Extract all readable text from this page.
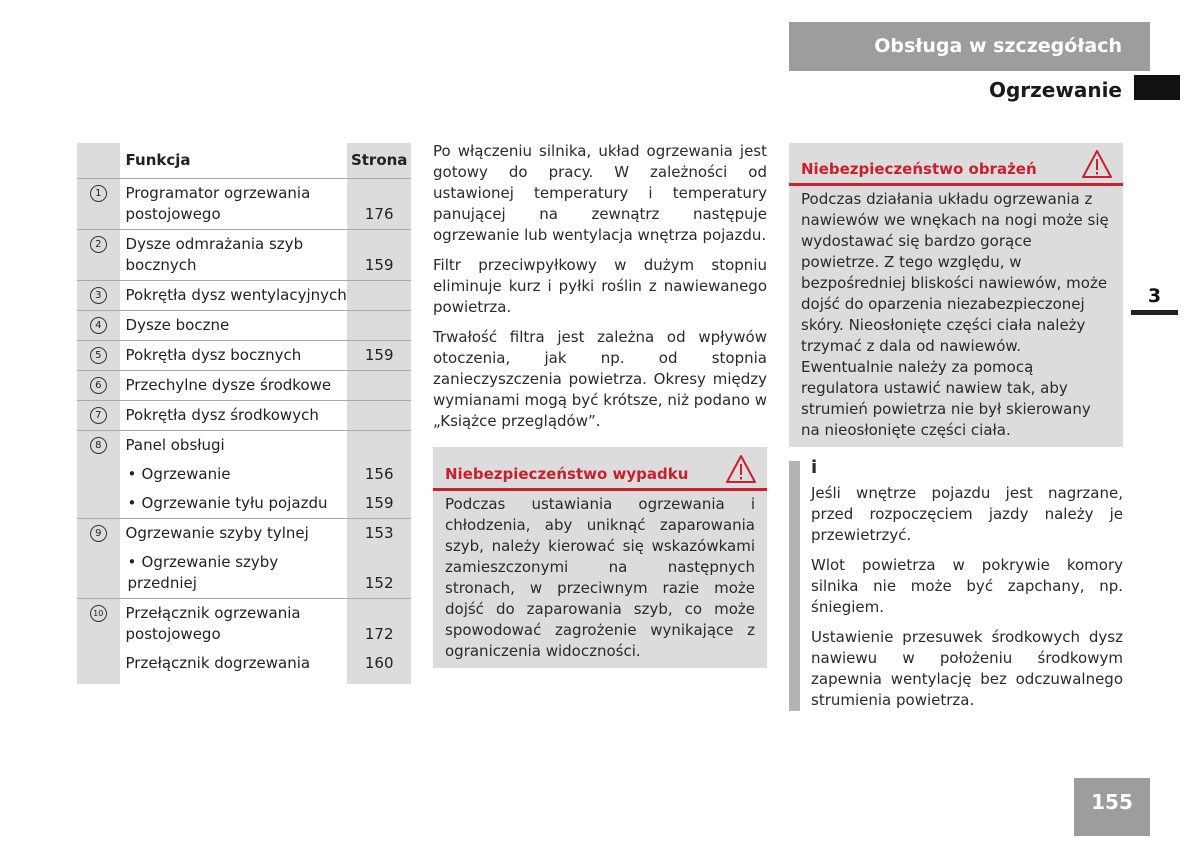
Obsługa w szczegółach
Ogrzewanie
3
155
	Funkcja	Strona
1	Programator ogrzewania postojowego	176
2	Dysze odmrażania szyb bocznych	159
3	Pokrętła dysz wentylacyjnych	
4	Dysze boczne	
5	Pokrętła dysz bocznych	159
6	Przechylne dysze środkowe	
7	Pokrętła dysz środkowych	
8	Panel obsługi	
	• Ogrzewanie	156
	• Ogrzewanie tyłu pojazdu	159
9	Ogrzewanie szyby tylnej	153
	• Ogrzewanie szyby przedniej	152
10	Przełącznik ogrzewania postojowego	172
	Przełącznik dogrzewania	160

Po włączeniu silnika, układ ogrzewania jest gotowy do pracy. W zależności od ustawionej temperatury i temperatury panującej na zewnątrz następuje ogrzewanie lub wentylacja wnętrza pojazdu.

Filtr przeciwpyłkowy w dużym stopniu eliminuje kurz i pyłki roślin z nawiewanego powietrza.

Trwałość filtra jest zależna od wpływów otoczenia, jak np. od stopnia zanieczyszczenia powietrza. Okresy między wymianami mogą być krótsze, niż podano w „Książce przeglądów”.

Niebezpieczeństwo wypadku
Podczas ustawiania ogrzewania i chłodzenia, aby uniknąć zaparowania szyb, należy kierować się wskazówkami zamieszczonymi na następnych stronach, w przeciwnym razie może dojść do zaparowania szyb, co może spowodować zagrożenie wynikające z ograniczenia widoczności.
Niebezpieczeństwo obrażeń
Podczas działania układu ogrzewania z nawiewów we wnękach na nogi może się wydostawać się bardzo gorące powietrze. Z tego względu, w bezpośredniej bliskości nawiewów, może dojść do oparzenia niezabezpieczonej skóry. Nieosłonięte części ciała należy trzymać z dala od nawiewów. Ewentualnie należy za pomocą regulatora ustawić nawiew tak, aby strumień powietrza nie był skierowany na nieosłonięte części ciała.
i

Jeśli wnętrze pojazdu jest nagrzane, przed rozpoczęciem jazdy należy je przewietrzyć.

Wlot powietrza w pokrywie komory silnika nie może być zapchany, np. śniegiem.

Ustawienie przesuwek środkowych dysz nawiewu w położeniu środkowym zapewnia wentylację bez odczuwalnego strumienia powietrza.
